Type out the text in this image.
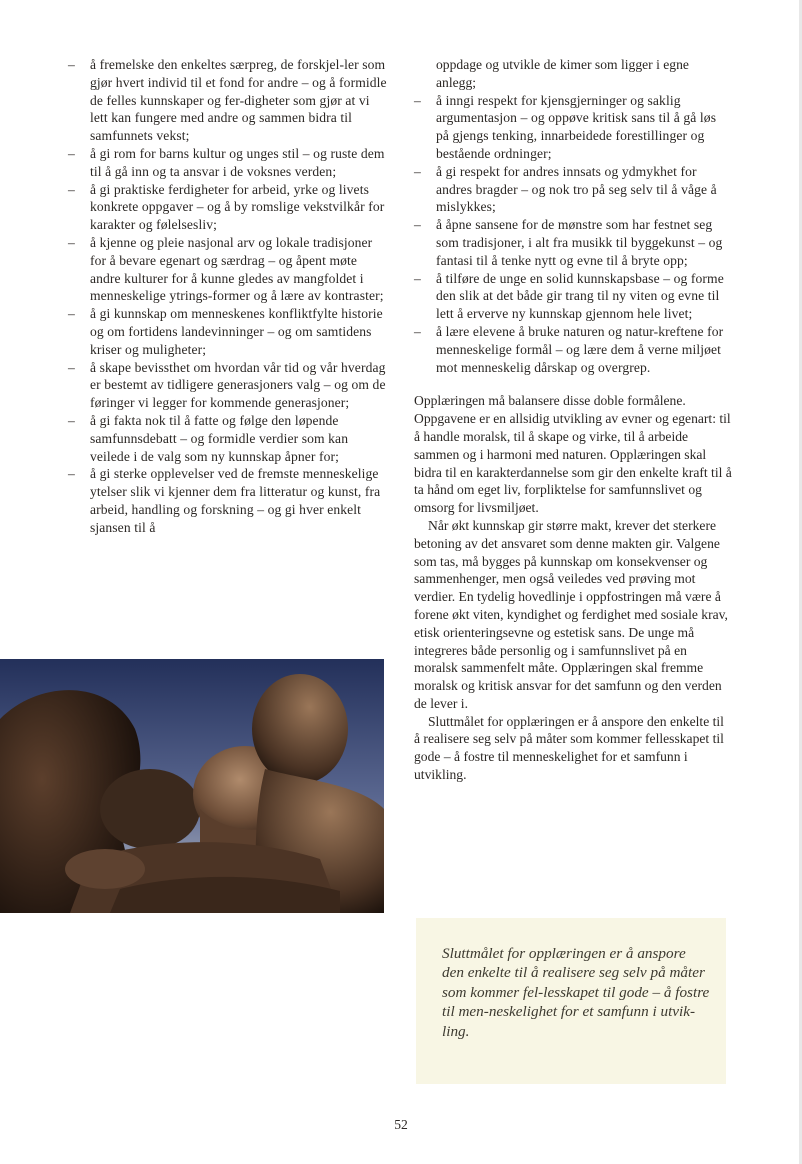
–	å fremelske den enkeltes særpreg, de forskjel-ler som gjør hvert individ til et fond for andre – og å formidle de felles kunnskaper og fer-digheter som gjør at vi lett kan fungere med andre og sammen bidra til samfunnets vekst;
–	å gi rom for barns kultur og unges stil – og ruste dem til å gå inn og ta ansvar i de voksnes verden;
–	å gi praktiske ferdigheter for arbeid, yrke og livets konkrete oppgaver – og å by romslige vekstvilkår for karakter og følelsesliv;
–	å kjenne og pleie nasjonal arv og lokale tradisjoner for å bevare egenart og særdrag – og åpent møte andre kulturer for å kunne gledes av mangfoldet i menneskelige ytrings-former og å lære av kontraster;
–	å gi kunnskap om menneskenes konfliktfylte historie og om fortidens landevinninger – og om samtidens kriser og muligheter;
–	å skape bevissthet om hvordan vår tid og vår hverdag er bestemt av tidligere generasjoners valg – og om de føringer vi legger for kommende generasjoner;
–	å gi fakta nok til å fatte og følge den løpende samfunnsdebatt – og formidle verdier som kan veilede i de valg som ny kunnskap åpner for;
–	å gi sterke opplevelser ved de fremste menneskelige ytelser slik vi kjenner dem fra litteratur og kunst, fra arbeid, handling og forskning – og gi hver enkelt sjansen til å
oppdage og utvikle de kimer som ligger i egne anlegg;
–	å inngi respekt for kjensgjerninger og saklig argumentasjon – og oppøve kritisk sans til å gå løs på gjengs tenking, innarbeidede forestillinger og bestående ordninger;
–	å gi respekt for andres innsats og ydmykhet for andres bragder – og nok tro på seg selv til å våge å mislykkes;
–	å åpne sansene for de mønstre som har festnet seg som tradisjoner, i alt fra musikk til byggekunst – og fantasi til å tenke nytt og evne til å bryte opp;
–	å tilføre de unge en solid kunnskapsbase – og forme den slik at det både gir trang til ny viten og evne til lett å erverve ny kunnskap gjennom hele livet;
–	å lære elevene å bruke naturen og natur-kreftene for menneskelige formål – og lære dem å verne miljøet mot menneskelig dårskap og overgrep.

Opplæringen må balansere disse doble formålene. Oppgavene er en allsidig utvikling av evner og egenart: til å handle moralsk, til å skape og virke, til å arbeide sammen og i harmoni med naturen. Opplæringen skal bidra til en karakterdannelse som gir den enkelte kraft til å ta hånd om eget liv, forpliktelse for samfunnslivet og omsorg for livsmiljøet.

Når økt kunnskap gir større makt, krever det sterkere betoning av det ansvaret som denne makten gir. Valgene som tas, må bygges på kunnskap om konsekvenser og sammenhenger, men også veiledes ved prøving mot verdier. En tydelig hovedlinje i oppfostringen må være å forene økt viten, kyndighet og ferdighet med sosiale krav, etisk orienteringsevne og estetisk sans. De unge må integreres både personlig og i samfunnslivet på en moralsk sammenfelt måte. Opplæringen skal fremme moralsk og kritisk ansvar for det samfunn og den verden de lever i.

Sluttmålet for opplæringen er å anspore den enkelte til å realisere seg selv på måter som kommer fellesskapet til gode – å fostre til menneskelighet for et samfunn i utvikling.

Sluttmålet for opplæringen er å anspore den enkelte til å realisere seg selv på måter som kommer fel-lesskapet til gode – å fostre til men-neskelighet for et samfunn i utvik-ling.
52
